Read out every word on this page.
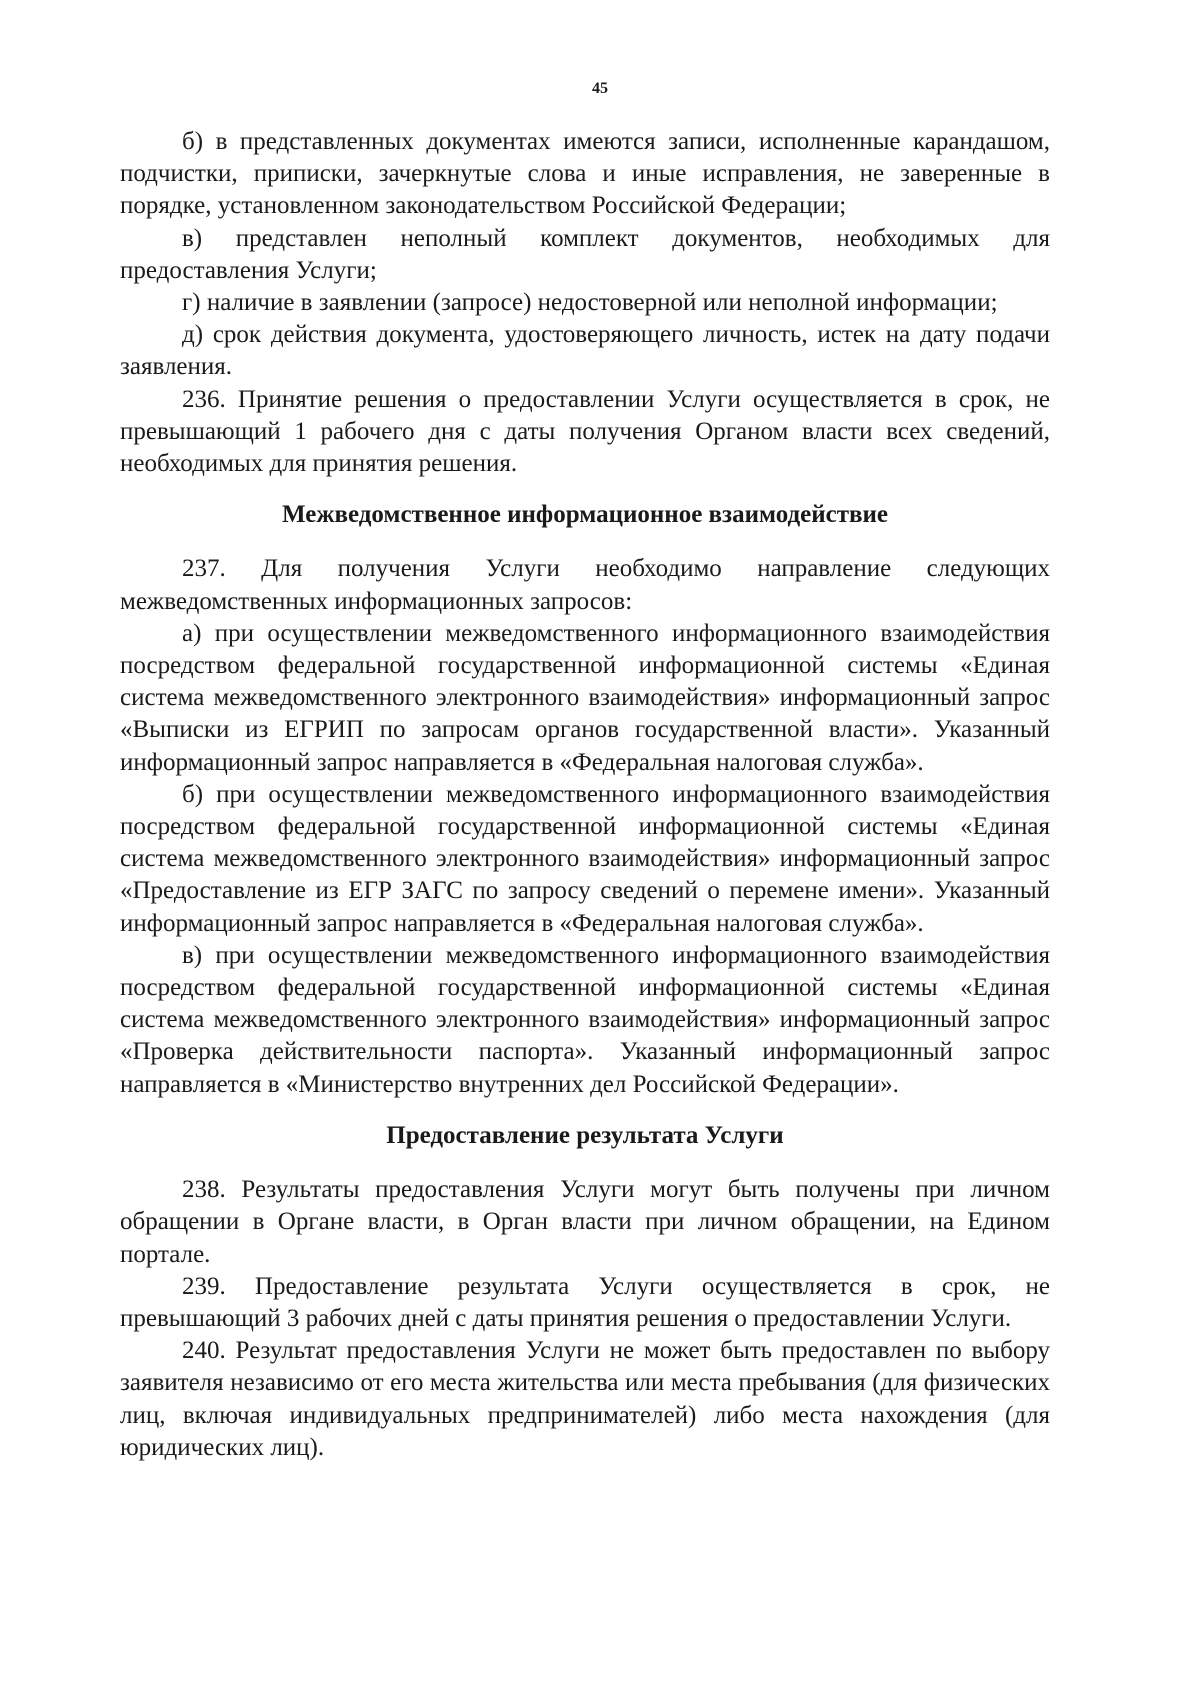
45

б) в представленных документах имеются записи, исполненные карандашом, подчистки, приписки, зачеркнутые слова и иные исправления, не заверенные в порядке, установленном законодательством Российской Федерации;

в) представлен неполный комплект документов, необходимых для предоставления Услуги;

г) наличие в заявлении (запросе) недостоверной или неполной информации;

д) срок действия документа, удостоверяющего личность, истек на дату подачи заявления.

236. Принятие решения о предоставлении Услуги осуществляется в срок, не превышающий 1 рабочего дня с даты получения Органом власти всех сведений, необходимых для принятия решения.

Межведомственное информационное взаимодействие

237. Для получения Услуги необходимо направление следующих межведомственных информационных запросов:

а) при осуществлении межведомственного информационного взаимодействия посредством федеральной государственной информационной системы «Единая система межведомственного электронного взаимодействия» информационный запрос «Выписки из ЕГРИП по запросам органов государственной власти». Указанный информационный запрос направляется в «Федеральная налоговая служба».

б) при осуществлении межведомственного информационного взаимодействия посредством федеральной государственной информационной системы «Единая система межведомственного электронного взаимодействия» информационный запрос «Предоставление из ЕГР ЗАГС по запросу сведений о перемене имени». Указанный информационный запрос направляется в «Федеральная налоговая служба».

в) при осуществлении межведомственного информационного взаимодействия посредством федеральной государственной информационной системы «Единая система межведомственного электронного взаимодействия» информационный запрос «Проверка действительности паспорта». Указанный информационный запрос направляется в «Министерство внутренних дел Российской Федерации».

Предоставление результата Услуги

238. Результаты предоставления Услуги могут быть получены при личном обращении в Органе власти, в Орган власти при личном обращении, на Едином портале.

239. Предоставление результата Услуги осуществляется в срок, не превышающий 3 рабочих дней с даты принятия решения о предоставлении Услуги.

240. Результат предоставления Услуги не может быть предоставлен по выбору заявителя независимо от его места жительства или места пребывания (для физических лиц, включая индивидуальных предпринимателей) либо места нахождения (для юридических лиц).
